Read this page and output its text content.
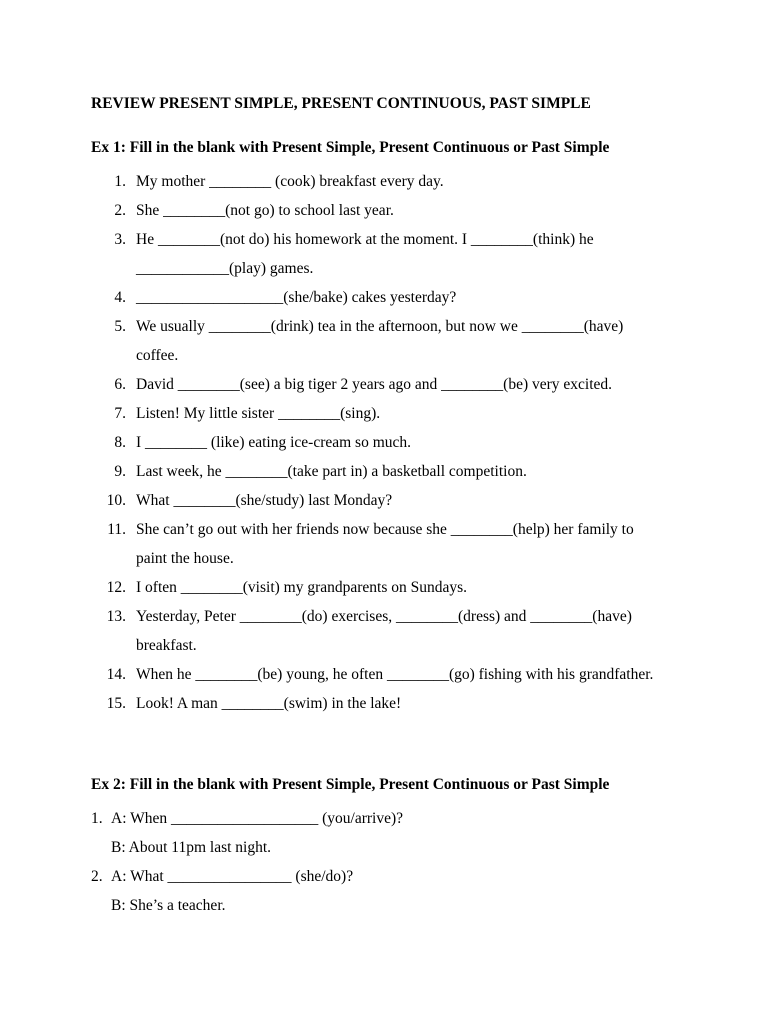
REVIEW PRESENT SIMPLE, PRESENT CONTINUOUS, PAST SIMPLE
Ex 1: Fill in the blank with Present Simple, Present Continuous or Past Simple
1. My mother ________ (cook) breakfast every day.
2. She ________(not go) to school last year.
3. He ________(not do) his homework at the moment. I ________(think) he ____________(play) games.
4. ___________________(she/bake) cakes yesterday?
5. We usually ________(drink) tea in the afternoon, but now we ________(have) coffee.
6. David ________(see) a big tiger 2 years ago and ________(be) very excited.
7. Listen! My little sister ________(sing).
8. I ________ (like) eating ice-cream so much.
9. Last week, he ________(take part in) a basketball competition.
10. What ________(she/study) last Monday?
11. She can’t go out with her friends now because she ________(help) her family to paint the house.
12. I often ________(visit) my grandparents on Sundays.
13. Yesterday, Peter ________(do) exercises, ________(dress) and ________(have) breakfast.
14. When he ________(be) young, he often ________(go) fishing with his grandfather.
15. Look! A man ________(swim) in the lake!
Ex 2: Fill in the blank with Present Simple, Present Continuous or Past Simple
1. A: When ___________________ (you/arrive)?
B: About 11pm last night.
2. A: What ________________ (she/do)?
B: She’s a teacher.
